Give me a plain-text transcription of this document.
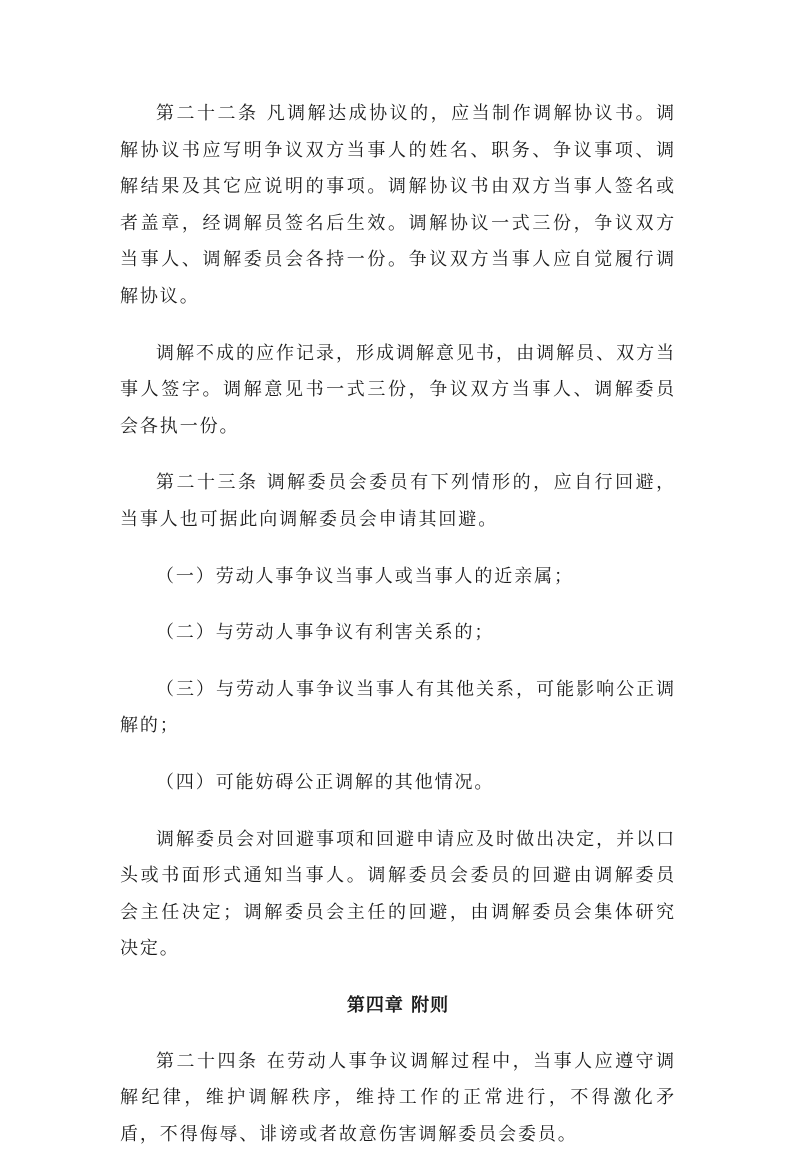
第二十二条 凡调解达成协议的，应当制作调解协议书。调解协议书应写明争议双方当事人的姓名、职务、争议事项、调解结果及其它应说明的事项。调解协议书由双方当事人签名或者盖章，经调解员签名后生效。调解协议一式三份，争议双方当事人、调解委员会各持一份。争议双方当事人应自觉履行调解协议。

调解不成的应作记录，形成调解意见书，由调解员、双方当事人签字。调解意见书一式三份，争议双方当事人、调解委员会各执一份。

第二十三条 调解委员会委员有下列情形的，应自行回避，当事人也可据此向调解委员会申请其回避。

（一）劳动人事争议当事人或当事人的近亲属；

（二）与劳动人事争议有利害关系的；

（三）与劳动人事争议当事人有其他关系，可能影响公正调解的；

（四）可能妨碍公正调解的其他情况。

调解委员会对回避事项和回避申请应及时做出决定，并以口头或书面形式通知当事人。调解委员会委员的回避由调解委员会主任决定；调解委员会主任的回避，由调解委员会集体研究决定。

第四章 附则

第二十四条 在劳动人事争议调解过程中，当事人应遵守调解纪律，维护调解秩序，维持工作的正常进行，不得激化矛盾，不得侮辱、诽谤或者故意伤害调解委员会委员。
